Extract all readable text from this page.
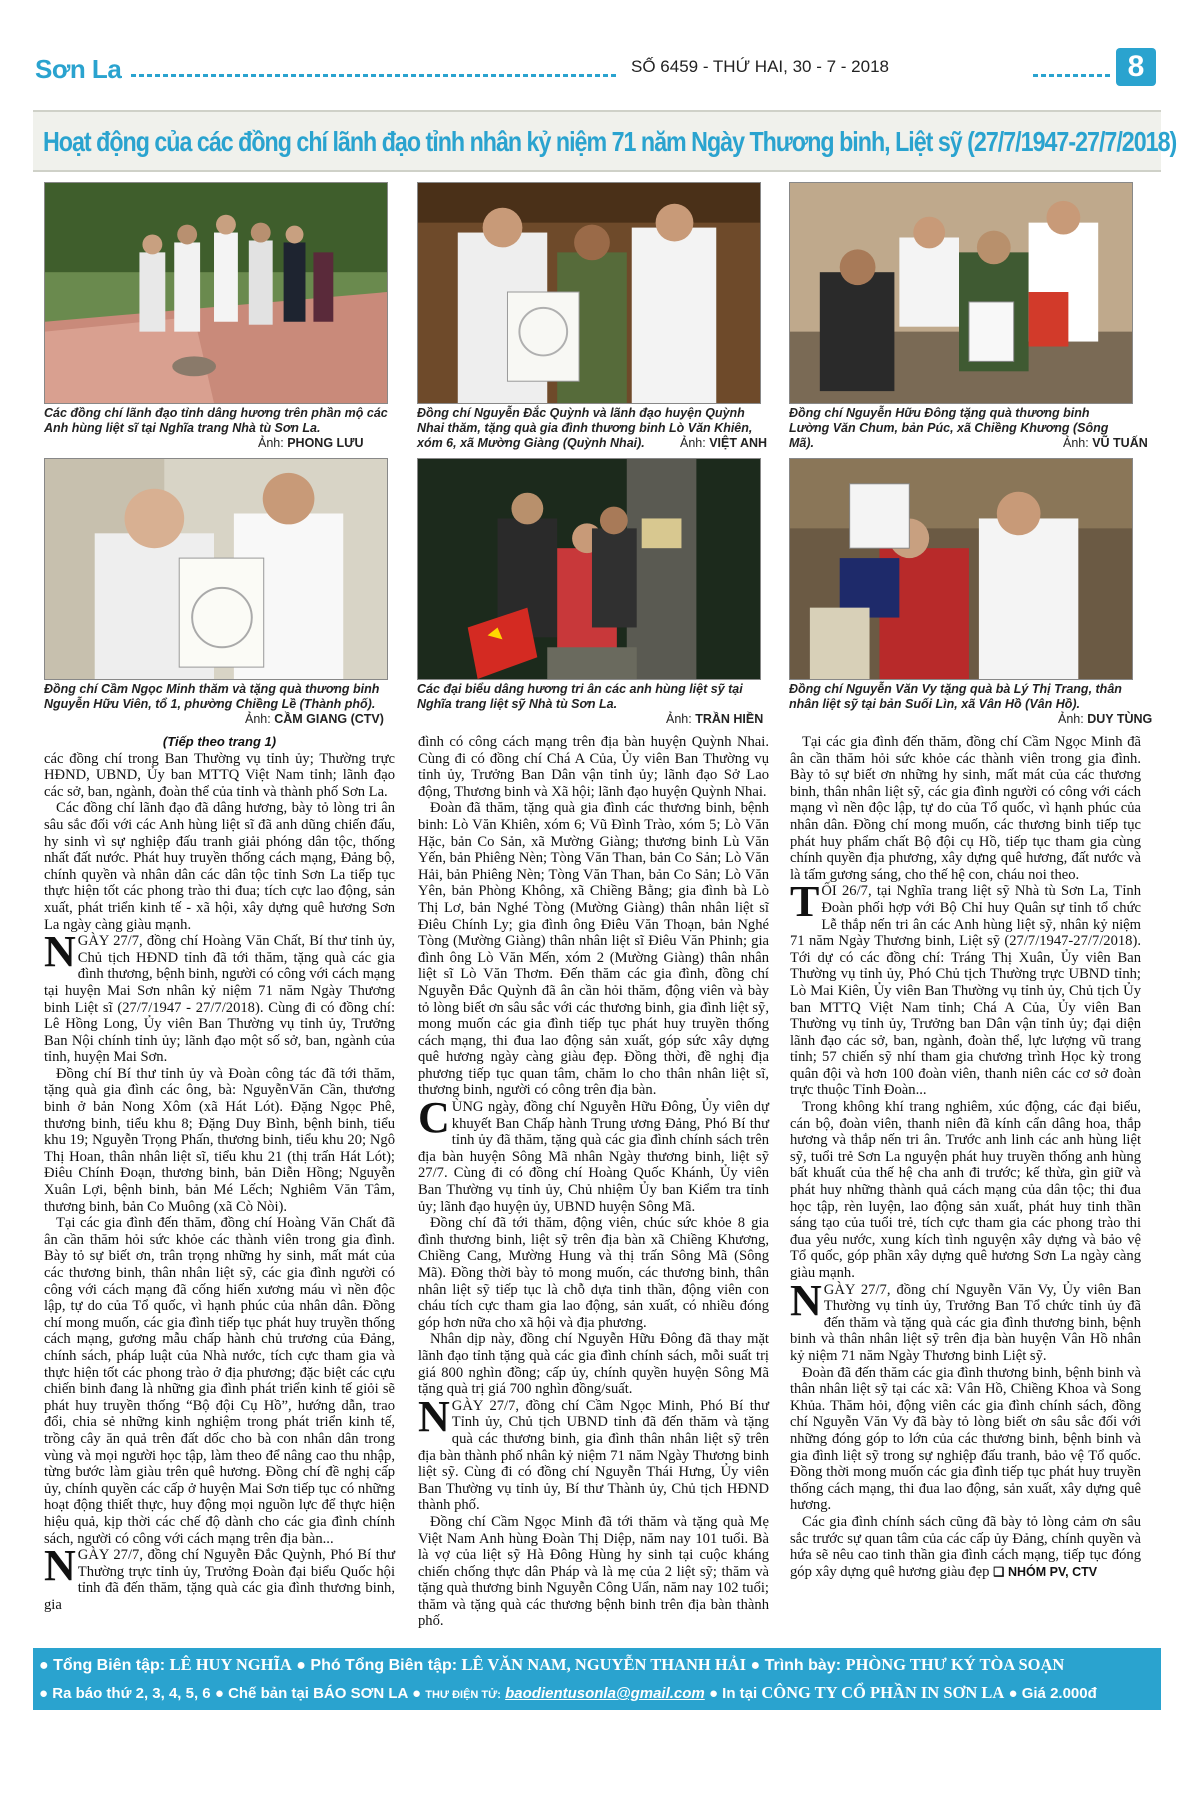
Sơn La	SỐ 6459 - THỨ HAI, 30 - 7 - 2018	8
Hoạt động của các đồng chí lãnh đạo tỉnh nhân kỷ niệm 71 năm Ngày Thương binh, Liệt sỹ (27/7/1947-27/7/2018)
Các đồng chí lãnh đạo tỉnh dâng hương trên phần mộ các Anh hùng liệt sĩ tại Nghĩa trang Nhà tù Sơn La.
Ảnh: PHONG LƯU
Đồng chí Nguyễn Đắc Quỳnh và lãnh đạo huyện Quỳnh Nhai thăm, tặng quà gia đình thương binh Lò Văn Khiên, xóm 6, xã Mường Giàng (Quỳnh Nhai).	Ảnh: VIỆT ANH
Đồng chí Nguyễn Hữu Đông tặng quà thương binh Lường Văn Chum, bản Púc, xã Chiềng Khương (Sông Mã).	Ảnh: VŨ TUẤN
Đồng chí Cầm Ngọc Minh thăm và tặng quà thương binh Nguyễn Hữu Viên, tổ 1, phường Chiềng Lề (Thành phố).
Ảnh: CẦM GIANG (CTV)
Các đại biểu dâng hương tri ân các anh hùng liệt sỹ tại Nghĩa trang liệt sỹ Nhà tù Sơn La.
Ảnh: TRẦN HIỀN
Đồng chí Nguyễn Văn Vy tặng quà bà Lý Thị Trang, thân nhân liệt sỹ tại bản Suối Lìn, xã Vân Hồ (Vân Hồ).
Ảnh: DUY TÙNG

(Tiếp theo trang 1)

các đồng chí trong Ban Thường vụ tỉnh ủy; Thường trực HĐND, UBND, Ủy ban MTTQ Việt Nam tỉnh; lãnh đạo các sở, ban, ngành, đoàn thể của tỉnh và thành phố Sơn La.

Các đồng chí lãnh đạo đã dâng hương, bày tỏ lòng tri ân sâu sắc đối với các Anh hùng liệt sĩ đã anh dũng chiến đấu, hy sinh vì sự nghiệp đấu tranh giải phóng dân tộc, thống nhất đất nước. Phát huy truyền thống cách mạng, Đảng bộ, chính quyền và nhân dân các dân tộc tỉnh Sơn La tiếp tục thực hiện tốt các phong trào thi đua; tích cực lao động, sản xuất, phát triển kinh tế - xã hội, xây dựng quê hương Sơn La ngày càng giàu mạnh.

NGÀY 27/7, đồng chí Hoàng Văn Chất, Bí thư tỉnh ủy, Chủ tịch HĐND tỉnh đã tới thăm, tặng quà các gia đình thương, bệnh binh, người có công với cách mạng tại huyện Mai Sơn nhân kỷ niệm 71 năm Ngày Thương binh Liệt sĩ (27/7/1947 - 27/7/2018). Cùng đi có đồng chí: Lê Hồng Long, Ủy viên Ban Thường vụ tỉnh ủy, Trưởng Ban Nội chính tỉnh ủy; lãnh đạo một số sở, ban, ngành của tỉnh, huyện Mai Sơn.

Đồng chí Bí thư tỉnh ủy và Đoàn công tác đã tới thăm, tặng quà gia đình các ông, bà: NguyễnVăn Cần, thương binh ở bản Nong Xôm (xã Hát Lót). Đặng Ngọc Phê, thương binh, tiểu khu 8; Đặng Duy Bình, bệnh binh, tiểu khu 19; Nguyễn Trọng Phấn, thương binh, tiểu khu 20; Ngô Thị Hoan, thân nhân liệt sĩ, tiểu khu 21 (thị trấn Hát Lót); Điêu Chính Đoạn, thương binh, bản Diễn Hồng; Nguyễn Xuân Lợi, bệnh binh, bản Mé Lếch; Nghiêm Văn Tâm, thương binh, bản Co Muông (xã Cò Nòi).

Tại các gia đình đến thăm, đồng chí Hoàng Văn Chất đã ân cần thăm hỏi sức khỏe các thành viên trong gia đình. Bày tỏ sự biết ơn, trân trọng những hy sinh, mất mát của các thương binh, thân nhân liệt sỹ, các gia đình người có công với cách mạng đã cống hiến xương máu vì nền độc lập, tự do của Tổ quốc, vì hạnh phúc của nhân dân. Đồng chí mong muốn, các gia đình tiếp tục phát huy truyền thống cách mạng, gương mẫu chấp hành chủ trương của Đảng, chính sách, pháp luật của Nhà nước, tích cực tham gia và thực hiện tốt các phong trào ở địa phương; đặc biệt các cựu chiến binh đang là những gia đình phát triển kinh tế giỏi sẽ phát huy truyền thống “Bộ đội Cụ Hồ”, hướng dẫn, trao đổi, chia sẻ những kinh nghiệm trong phát triển kinh tế, trồng cây ăn quả trên đất dốc cho bà con nhân dân trong vùng và mọi người học tập, làm theo để nâng cao thu nhập, từng bước làm giàu trên quê hương. Đồng chí đề nghị cấp ủy, chính quyền các cấp ở huyện Mai Sơn tiếp tục có những hoạt động thiết thực, huy động mọi nguồn lực để thực hiện hiệu quả, kịp thời các chế độ dành cho các gia đình chính sách, người có công với cách mạng trên địa bàn...

NGÀY 27/7, đồng chí Nguyễn Đắc Quỳnh, Phó Bí thư Thường trực tỉnh ủy, Trưởng Đoàn đại biểu Quốc hội tỉnh đã đến thăm, tặng quà các gia đình thương binh, gia

đình có công cách mạng trên địa bàn huyện Quỳnh Nhai. Cùng đi có đồng chí Chá A Của, Ủy viên Ban Thường vụ tỉnh ủy, Trưởng Ban Dân vận tỉnh ủy; lãnh đạo Sở Lao động, Thương binh và Xã hội; lãnh đạo huyện Quỳnh Nhai.

Đoàn đã thăm, tặng quà gia đình các thương binh, bệnh binh: Lò Văn Khiên, xóm 6; Vũ Đình Trào, xóm 5; Lò Văn Hặc, bản Co Sản, xã Mường Giàng; thương binh Lù Văn Yến, bản Phiêng Nèn; Tòng Văn Than, bản Co Sản; Lò Văn Hải, bản Phiêng Nèn; Tòng Văn Than, bản Co Sản; Lò Văn Yên, bản Phòng Không, xã Chiềng Bằng; gia đình bà Lò Thị Lơ, bản Nghé Tòng (Mường Giàng) thân nhân liệt sĩ Điêu Chính Ly; gia đình ông Điêu Văn Thoạn, bản Nghé Tòng (Mường Giàng) thân nhân liệt sĩ Điêu Văn Phinh; gia đình ông Lò Văn Mến, xóm 2 (Mường Giàng) thân nhân liệt sĩ Lò Văn Thơm. Đến thăm các gia đình, đồng chí Nguyễn Đắc Quỳnh đã ân cần hỏi thăm, động viên và bày tỏ lòng biết ơn sâu sắc với các thương binh, gia đình liệt sỹ, mong muốn các gia đình tiếp tục phát huy truyền thống cách mạng, thi đua lao động sản xuất, góp sức xây dựng quê hương ngày càng giàu đẹp. Đồng thời, đề nghị địa phương tiếp tục quan tâm, chăm lo cho thân nhân liệt sĩ, thương binh, người có công trên địa bàn.

CÙNG ngày, đồng chí Nguyễn Hữu Đông, Ủy viên dự khuyết Ban Chấp hành Trung ương Đảng, Phó Bí thư tỉnh ủy đã thăm, tặng quà các gia đình chính sách trên địa bàn huyện Sông Mã nhân Ngày thương binh, liệt sỹ 27/7. Cùng đi có đồng chí Hoàng Quốc Khánh, Ủy viên Ban Thường vụ tỉnh ủy, Chủ nhiệm Ủy ban Kiểm tra tỉnh ủy; lãnh đạo huyện ủy, UBND huyện Sông Mã.

Đồng chí đã tới thăm, động viên, chúc sức khỏe 8 gia đình thương binh, liệt sỹ trên địa bàn xã Chiềng Khương, Chiềng Cang, Mường Hung và thị trấn Sông Mã (Sông Mã). Đồng thời bày tỏ mong muốn, các thương binh, thân nhân liệt sỹ tiếp tục là chỗ dựa tinh thần, động viên con cháu tích cực tham gia lao động, sản xuất, có nhiều đóng góp hơn nữa cho xã hội và địa phương.

Nhân dịp này, đồng chí Nguyễn Hữu Đông đã thay mặt lãnh đạo tỉnh tặng quà các gia đình chính sách, mỗi suất trị giá 800 nghìn đồng; cấp ủy, chính quyền huyện Sông Mã tặng quà trị giá 700 nghìn đồng/suất.

NGÀY 27/7, đồng chí Cầm Ngọc Minh, Phó Bí thư Tỉnh ủy, Chủ tịch UBND tỉnh đã đến thăm và tặng quà các thương binh, gia đình thân nhân liệt sỹ trên địa bàn thành phố nhân kỷ niệm 71 năm Ngày Thương binh liệt sỹ. Cùng đi có đồng chí Nguyễn Thái Hưng, Ủy viên Ban Thường vụ tỉnh ủy, Bí thư Thành ủy, Chủ tịch HĐND thành phố.

Đồng chí Cầm Ngọc Minh đã tới thăm và tặng quà Mẹ Việt Nam Anh hùng Đoàn Thị Diệp, năm nay 101 tuổi. Bà là vợ của liệt sỹ Hà Đông Hùng hy sinh tại cuộc kháng chiến chống thực dân Pháp và là mẹ của 2 liệt sỹ; thăm và tặng quà thương binh Nguyễn Công Uẩn, năm nay 102 tuổi; thăm và tặng quà các thương bệnh binh trên địa bàn thành phố.

Tại các gia đình đến thăm, đồng chí Cầm Ngọc Minh đã ân cần thăm hỏi sức khỏe các thành viên trong gia đình. Bày tỏ sự biết ơn những hy sinh, mất mát của các thương binh, thân nhân liệt sỹ, các gia đình người có công với cách mạng vì nền độc lập, tự do của Tổ quốc, vì hạnh phúc của nhân dân. Đồng chí mong muốn, các thương binh tiếp tục phát huy phẩm chất Bộ đội cụ Hồ, tiếp tục tham gia cùng chính quyền địa phương, xây dựng quê hương, đất nước và là tấm gương sáng, cho thế hệ con, cháu noi theo.

TỐI 26/7, tại Nghĩa trang liệt sỹ Nhà tù Sơn La, Tỉnh Đoàn phối hợp với Bộ Chỉ huy Quân sự tỉnh tổ chức Lễ thắp nến tri ân các Anh hùng liệt sỹ, nhân kỷ niệm 71 năm Ngày Thương binh, Liệt sỹ (27/7/1947-27/7/2018). Tới dự có các đồng chí: Tráng Thị Xuân, Ủy viên Ban Thường vụ tỉnh ủy, Phó Chủ tịch Thường trực UBND tỉnh; Lò Mai Kiên, Ủy viên Ban Thường vụ tỉnh ủy, Chủ tịch Ủy ban MTTQ Việt Nam tỉnh; Chá A Của, Ủy viên Ban Thường vụ tỉnh ủy, Trưởng ban Dân vận tỉnh ủy; đại diện lãnh đạo các sở, ban, ngành, đoàn thể, lực lượng vũ trang tỉnh; 57 chiến sỹ nhí tham gia chương trình Học kỳ trong quân đội và hơn 100 đoàn viên, thanh niên các cơ sở đoàn trực thuộc Tỉnh Đoàn...

Trong không khí trang nghiêm, xúc động, các đại biểu, cán bộ, đoàn viên, thanh niên đã kính cẩn dâng hoa, thắp hương và thắp nến tri ân. Trước anh linh các anh hùng liệt sỹ, tuổi trẻ Sơn La nguyện phát huy truyền thống anh hùng bất khuất của thế hệ cha anh đi trước; kế thừa, gìn giữ và phát huy những thành quả cách mạng của dân tộc; thi đua học tập, rèn luyện, lao động sản xuất, phát huy tinh thần sáng tạo của tuổi trẻ, tích cực tham gia các phong trào thi đua yêu nước, xung kích tình nguyện xây dựng và bảo vệ Tổ quốc, góp phần xây dựng quê hương Sơn La ngày càng giàu mạnh.

NGÀY 27/7, đồng chí Nguyễn Văn Vy, Ủy viên Ban Thường vụ tỉnh ủy, Trưởng Ban Tổ chức tỉnh ủy đã đến thăm và tặng quà các gia đình thương binh, bệnh binh và thân nhân liệt sỹ trên địa bàn huyện Vân Hồ nhân kỷ niệm 71 năm Ngày Thương binh Liệt sỹ.

Đoàn đã đến thăm các gia đình thương binh, bệnh binh và thân nhân liệt sỹ tại các xã: Vân Hồ, Chiềng Khoa và Song Khủa. Thăm hỏi, động viên các gia đình chính sách, đồng chí Nguyễn Văn Vy đã bày tỏ lòng biết ơn sâu sắc đối với những đóng góp to lớn của các thương binh, bệnh binh và gia đình liệt sỹ trong sự nghiệp đấu tranh, bảo vệ Tổ quốc. Đồng thời mong muốn các gia đình tiếp tục phát huy truyền thống cách mạng, thi đua lao động, sản xuất, xây dựng quê hương.

Các gia đình chính sách cũng đã bày tỏ lòng cảm ơn sâu sắc trước sự quan tâm của các cấp ủy Đảng, chính quyền và hứa sẽ nêu cao tinh thần gia đình cách mạng, tiếp tục đóng góp xây dựng quê hương giàu đẹp ❑ NHÓM PV, CTV

● Tổng Biên tập: LÊ HUY NGHĨA ● Phó Tổng Biên tập: LÊ VĂN NAM, NGUYỄN THANH HẢI ● Trình bày: PHÒNG THƯ KÝ TÒA SOẠN
● Ra báo thứ 2, 3, 4, 5, 6 ● Chế bản tại BÁO SƠN LA ● THƯ ĐIỆN TỬ: baodientusonla@gmail.com ● In tại CÔNG TY CỔ PHẦN IN SƠN LA ● Giá 2.000đ
